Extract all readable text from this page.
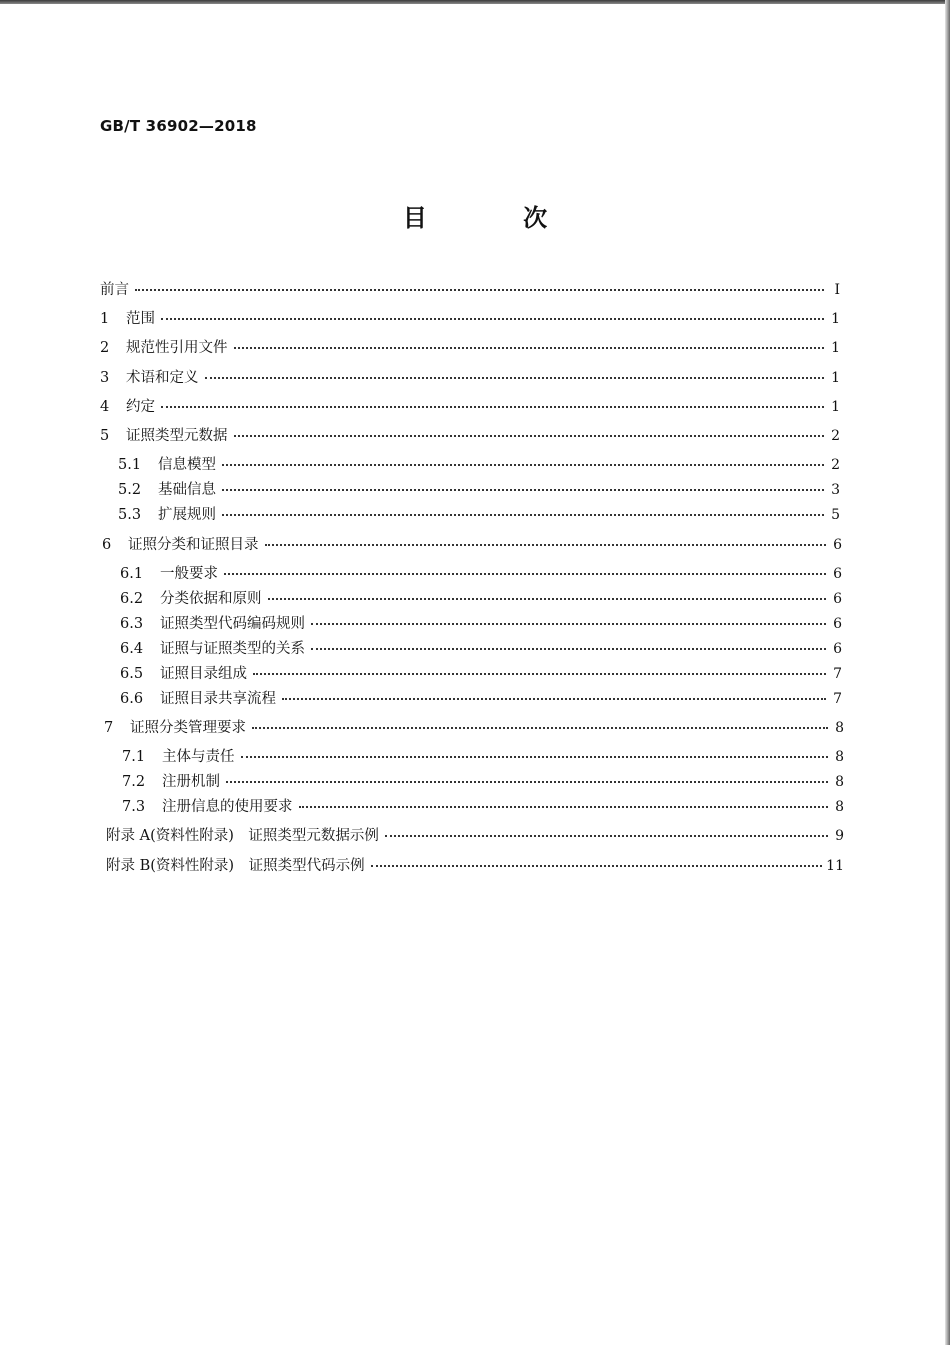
GB/T 36902—2018
目 次
前言	I
1	范围	1
2	规范性引用文件	1
3	术语和定义	1
4	约定	1
5	证照类型元数据	2
5.1	信息模型	2
5.2	基础信息	3
5.3	扩展规则	5
6	证照分类和证照目录	6
6.1	一般要求	6
6.2	分类依据和原则	6
6.3	证照类型代码编码规则	6
6.4	证照与证照类型的关系	6
6.5	证照目录组成	7
6.6	证照目录共享流程	7
7	证照分类管理要求	8
7.1	主体与责任	8
7.2	注册机制	8
7.3	注册信息的使用要求	8
附录 A (资料性附录)　证照类型元数据示例	9
附录 B (资料性附录)　证照类型代码示例	11
